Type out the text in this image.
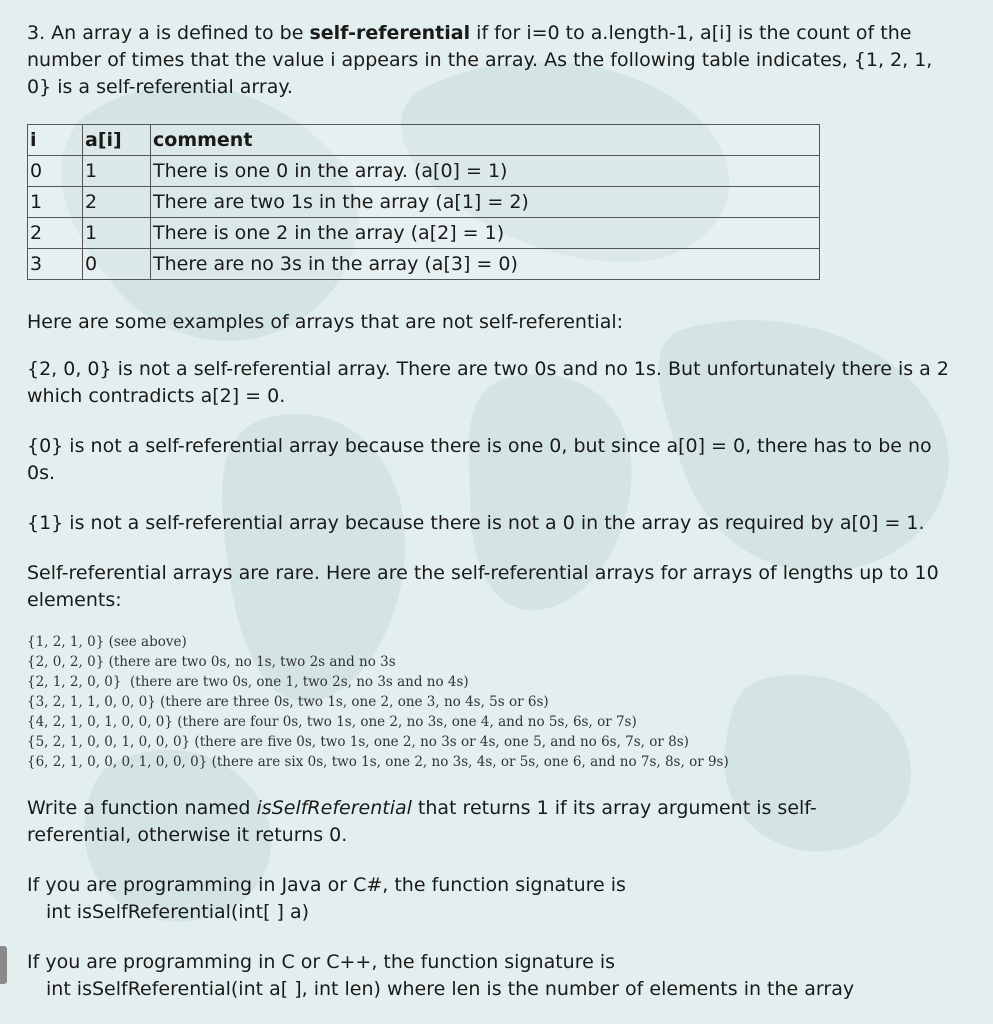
3. An array a is defined to be self-referential if for i=0 to a.length-1, a[i] is the count of the number of times that the value i appears in the array. As the following table indicates, {1, 2, 1, 0} is a self-referential array.

i	a[i]	comment
0	1	There is one 0 in the array. (a[0] = 1)
1	2	There are two 1s in the array (a[1] = 2)
2	1	There is one 2 in the array (a[2] = 1)
3	0	There are no 3s in the array (a[3] = 0)

Here are some examples of arrays that are not self-referential:

{2, 0, 0} is not a self-referential array. There are two 0s and no 1s. But unfortunately there is a 2 which contradicts a[2] = 0.

{0} is not a self-referential array because there is one 0, but since a[0] = 0, there has to be no 0s.

{1} is not a self-referential array because there is not a 0 in the array as required by a[0] = 1.

Self-referential arrays are rare. Here are the self-referential arrays for arrays of lengths up to 10 elements:

{1, 2, 1, 0} (see above)

{2, 0, 2, 0} (there are two 0s, no 1s, two 2s and no 3s

{2, 1, 2, 0, 0}  (there are two 0s, one 1, two 2s, no 3s and no 4s)

{3, 2, 1, 1, 0, 0, 0} (there are three 0s, two 1s, one 2, one 3, no 4s, 5s or 6s)

{4, 2, 1, 0, 1, 0, 0, 0} (there are four 0s, two 1s, one 2, no 3s, one 4, and no 5s, 6s, or 7s)

{5, 2, 1, 0, 0, 1, 0, 0, 0} (there are five 0s, two 1s, one 2, no 3s or 4s, one 5, and no 6s, 7s, or 8s)

{6, 2, 1, 0, 0, 0, 1, 0, 0, 0} (there are six 0s, two 1s, one 2, no 3s, 4s, or 5s, one 6, and no 7s, 8s, or 9s)

Write a function named isSelfReferential that returns 1 if its array argument is self-referential, otherwise it returns 0.

If you are programming in Java or C#, the function signature is

int isSelfReferential(int[ ] a)

If you are programming in C or C++, the function signature is

int isSelfReferential(int a[ ], int len) where len is the number of elements in the array
